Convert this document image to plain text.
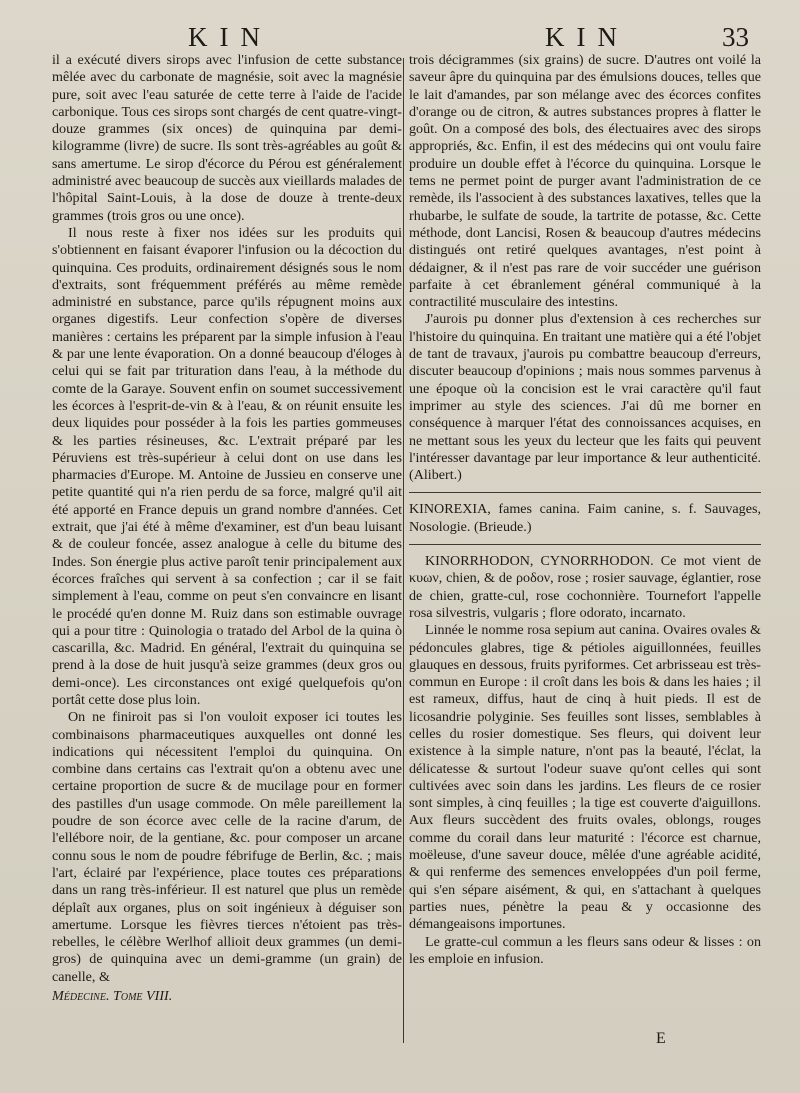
KIN	KIN	33

il a exécuté divers sirops avec l'infusion de cette substance mêlée avec du carbonate de magnésie, soit avec la magnésie pure, soit avec l'eau saturée de cette terre à l'aide de l'acide carbonique. Tous ces sirops sont chargés de cent quatre-vingt-douze grammes (six onces) de quinquina par demi-kilogramme (livre) de sucre. Ils sont très-agréables au goût & sans amertume. Le sirop d'écorce du Pérou est généralement administré avec beaucoup de succès aux vieillards malades de l'hôpital Saint-Louis, à la dose de douze à trente-deux grammes (trois gros ou une once).

Il nous reste à fixer nos idées sur les produits qui s'obtiennent en faisant évaporer l'infusion ou la décoction du quinquina. Ces produits, ordinairement désignés sous le nom d'extraits, sont fréquemment préférés au même remède administré en substance, parce qu'ils répugnent moins aux organes digestifs. Leur confection s'opère de diverses manières : certains les préparent par la simple infusion à l'eau & par une lente évaporation. On a donné beaucoup d'éloges à celui qui se fait par trituration dans l'eau, à la méthode du comte de la Garaye. Souvent enfin on soumet successivement les écorces à l'esprit-de-vin & à l'eau, & on réunit ensuite les deux liquides pour posséder à la fois les parties gommeuses & les parties résineuses, &c. L'extrait préparé par les Péruviens est très-supérieur à celui dont on use dans les pharmacies d'Europe. M. Antoine de Jussieu en conserve une petite quantité qui n'a rien perdu de sa force, malgré qu'il ait été apporté en France depuis un grand nombre d'années. Cet extrait, que j'ai été à même d'examiner, est d'un beau luisant & de couleur foncée, assez analogue à celle du bitume des Indes. Son énergie plus active paroît tenir principalement aux écorces fraîches qui servent à sa confection ; car il se fait simplement à l'eau, comme on peut s'en convaincre en lisant le procédé qu'en donne M. Ruiz dans son estimable ouvrage qui a pour titre : Quinologia o tratado del Arbol de la quina ò cascarilla, &c. Madrid. En général, l'extrait du quinquina se prend à la dose de huit jusqu'à seize grammes (deux gros ou demi-once). Les circonstances ont exigé quelquefois qu'on portât cette dose plus loin.

On ne finiroit pas si l'on vouloit exposer ici toutes les combinaisons pharmaceutiques auxquelles ont donné les indications qui nécessitent l'emploi du quinquina. On combine dans certains cas l'extrait qu'on a obtenu avec une certaine proportion de sucre & de mucilage pour en former des pastilles d'un usage commode. On mêle pareillement la poudre de son écorce avec celle de la racine d'arum, de l'ellébore noir, de la gentiane, &c. pour composer un arcane connu sous le nom de poudre fébrifuge de Berlin, &c. ; mais l'art, éclairé par l'expérience, place toutes ces préparations dans un rang très-inférieur. Il est naturel que plus un remède déplaît aux organes, plus on soit ingénieux à déguiser son amertume. Lorsque les fièvres tierces n'étoient pas très-rebelles, le célèbre Werlhof allioit deux grammes (un demi-gros) de quinquina avec un demi-gramme (un grain) de canelle, &

Médecine. Tome VIII.

trois décigrammes (six grains) de sucre. D'autres ont voilé la saveur âpre du quinquina par des émulsions douces, telles que le lait d'amandes, par son mélange avec des écorces confites d'orange ou de citron, & autres substances propres à flatter le goût. On a composé des bols, des électuaires avec des sirops appropriés, &c. Enfin, il est des médecins qui ont voulu faire produire un double effet à l'écorce du quinquina. Lorsque le tems ne permet point de purger avant l'administration de ce remède, ils l'associent à des substances laxatives, telles que la rhubarbe, le sulfate de soude, la tartrite de potasse, &c. Cette méthode, dont Lancisi, Rosen & beaucoup d'autres médecins distingués ont retiré quelques avantages, n'est point à dédaigner, & il n'est pas rare de voir succéder une guérison parfaite à cet ébranlement général communiqué à la contractilité musculaire des intestins.

J'aurois pu donner plus d'extension à ces recherches sur l'histoire du quinquina. En traitant une matière qui a été l'objet de tant de travaux, j'aurois pu combattre beaucoup d'erreurs, discuter beaucoup d'opinions ; mais nous sommes parvenus à une époque où la concision est le vrai caractère qu'il faut imprimer au style des sciences. J'ai dû me borner en conséquence à marquer l'état des connoissances acquises, en ne mettant sous les yeux du lecteur que les faits qui peuvent l'intéresser davantage par leur importance & leur authenticité. (Alibert.)

KINOREXIA, fames canina. Faim canine, s. f. Sauvages, Nosologie. (Brieude.)

KINORRHODON, CYNORRHODON. Ce mot vient de κυων, chien, & de ροδον, rose ; rosier sauvage, églantier, rose de chien, gratte-cul, rose cochonnière. Tournefort l'appelle rosa silvestris, vulgaris ; flore odorato, incarnato.

Linnée le nomme rosa sepium aut canina. Ovaires ovales & pédoncules glabres, tige & pétioles aiguillonnées, feuilles glauques en dessous, fruits pyriformes. Cet arbrisseau est très-commun en Europe : il croît dans les bois & dans les haies ; il est rameux, diffus, haut de cinq à huit pieds. Il est de licosandrie polyginie. Ses feuilles sont lisses, semblables à celles du rosier domestique. Ses fleurs, qui doivent leur existence à la simple nature, n'ont pas la beauté, l'éclat, la délicatesse & surtout l'odeur suave qu'ont celles qui sont cultivées avec soin dans les jardins. Les fleurs de ce rosier sont simples, à cinq feuilles ; la tige est couverte d'aiguillons. Aux fleurs succèdent des fruits ovales, oblongs, rouges comme du corail dans leur maturité : l'écorce est charnue, moëleuse, d'une saveur douce, mêlée d'une agréable acidité, & qui renferme des semences enveloppées d'un poil ferme, qui s'en sépare aisément, & qui, en s'attachant à quelques parties nues, pénètre la peau & y occasionne des démangeaisons importunes.

Le gratte-cul commun a les fleurs sans odeur & lisses : on les emploie en infusion.

E
